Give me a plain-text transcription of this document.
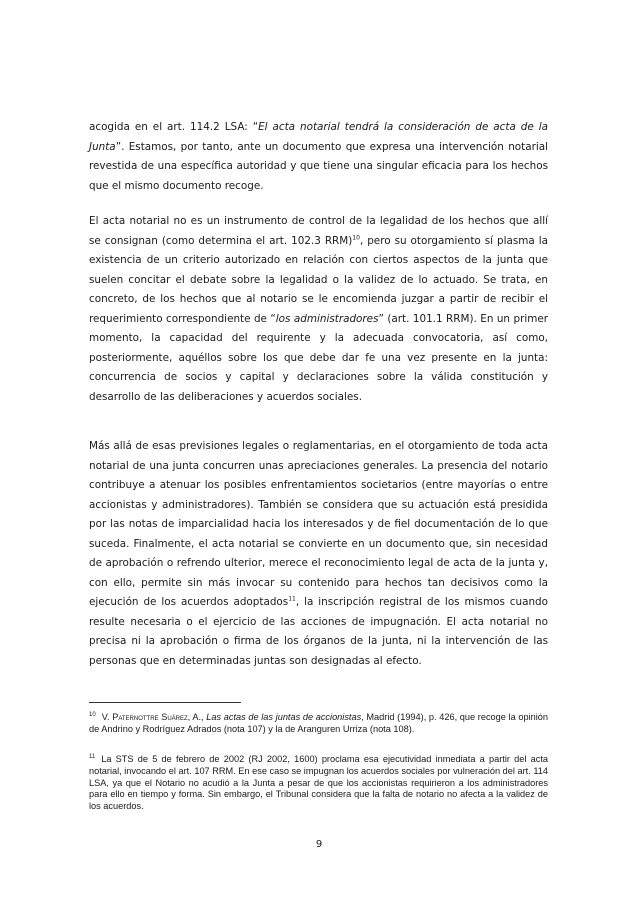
acogida en el art. 114.2 LSA: “El acta notarial tendrá la consideración de acta de la Junta”. Estamos, por tanto, ante un documento que expresa una intervención notarial revestida de una específica autoridad y que tiene una singular eficacia para los hechos que el mismo documento recoge.

El acta notarial no es un instrumento de control de la legalidad de los hechos que allí se consignan (como determina el art. 102.3 RRM)$^{10}$, pero su otorgamiento sí plasma la existencia de un criterio autorizado en relación con ciertos aspectos de la junta que suelen concitar el debate sobre la legalidad o la validez de lo actuado. Se trata, en concreto, de los hechos que al notario se le encomienda juzgar a partir de recibir el requerimiento correspondiente de “los administradores” (art. 101.1 RRM). En un primer momento, la capacidad del requirente y la adecuada convocatoria, así como, posteriormente, aquéllos sobre los que debe dar fe una vez presente en la junta: concurrencia de socios y capital y declaraciones sobre la válida constitución y desarrollo de las deliberaciones y acuerdos sociales.

Más allá de esas previsiones legales o reglamentarias, en el otorgamiento de toda acta notarial de una junta concurren unas apreciaciones generales. La presencia del notario contribuye a atenuar los posibles enfrentamientos societarios (entre mayorías o entre accionistas y administradores). También se considera que su actuación está presidida por las notas de imparcialidad hacia los interesados y de fiel documentación de lo que suceda. Finalmente, el acta notarial se convierte en un documento que, sin necesidad de aprobación o refrendo ulterior, merece el reconocimiento legal de acta de la junta y, con ello, permite sin más invocar su contenido para hechos tan decisivos como la ejecución de los acuerdos adoptados$^{11}$, la inscripción registral de los mismos cuando resulte necesaria o el ejercicio de las acciones de impugnación. El acta notarial no precisa ni la aprobación o firma de los órganos de la junta, ni la intervención de las personas que en determinadas juntas son designadas al efecto.

$^{10}$ V. Paternottre Suárez, A., Las actas de las juntas de accionistas, Madrid (1994), p. 426, que recoge la opinión de Andrino y Rodríguez Adrados (nota 107) y la de Aranguren Urriza (nota 108).

$^{11}$ La STS de 5 de febrero de 2002 (RJ 2002, 1600) proclama esa ejecutividad inmediata a partir del acta notarial, invocando el art. 107 RRM. En ese caso se impugnan los acuerdos sociales por vulneración del art. 114 LSA, ya que el Notario no acudió a la Junta a pesar de que los accionistas requirieron a los administradores para ello en tiempo y forma. Sin embargo, el Tribunal considera que la falta de notario no afecta a la validez de los acuerdos.

9
